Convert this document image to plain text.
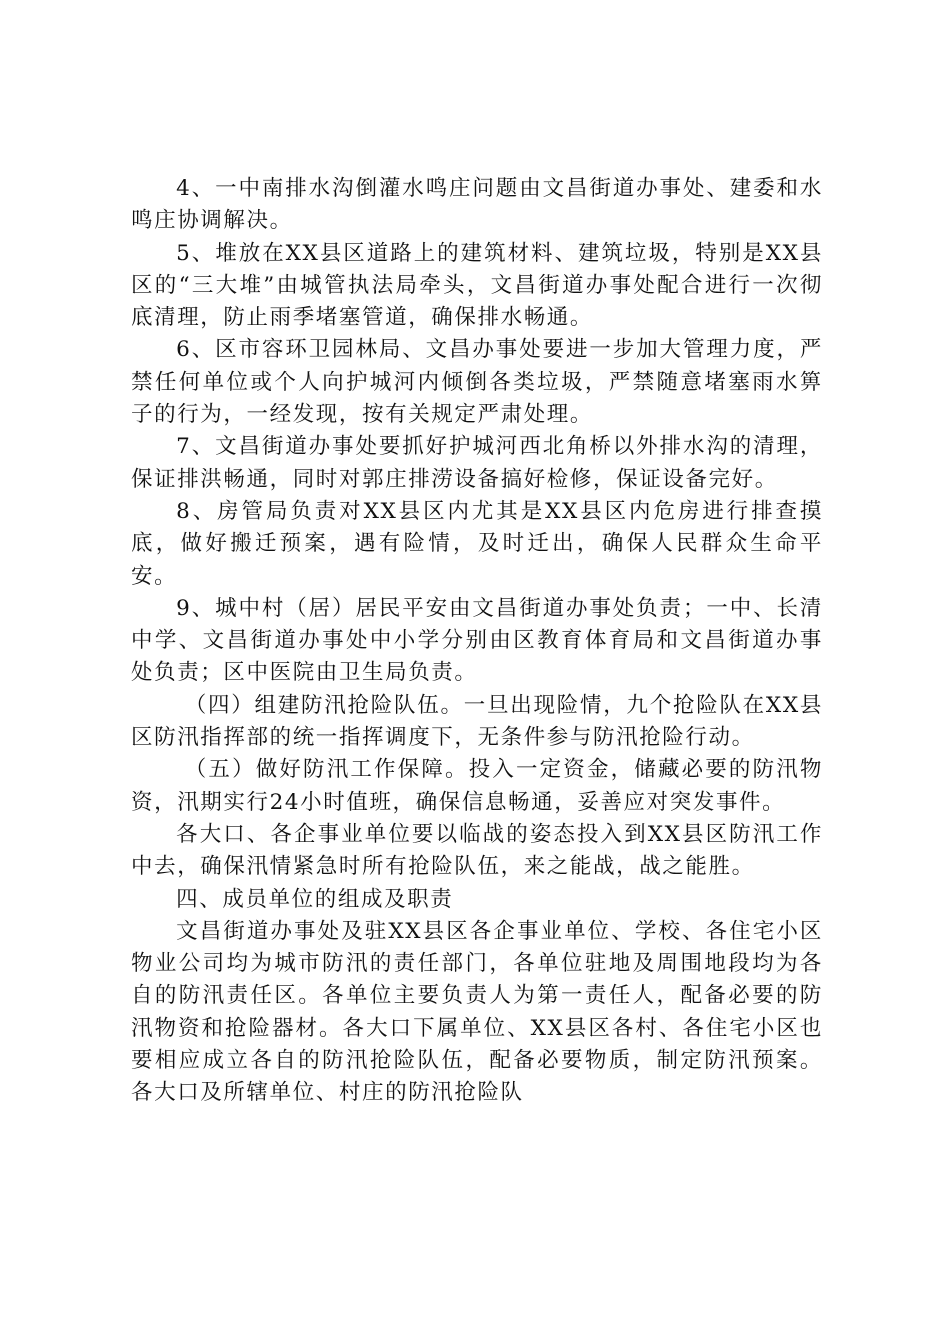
4、一中南排水沟倒灌水鸣庄问题由文昌街道办事处、建委和水鸣庄协调解决。

5、堆放在XX县区道路上的建筑材料、建筑垃圾，特别是XX县区的“三大堆”由城管执法局牵头，文昌街道办事处配合进行一次彻底清理，防止雨季堵塞管道，确保排水畅通。

6、区市容环卫园林局、文昌办事处要进一步加大管理力度，严禁任何单位或个人向护城河内倾倒各类垃圾，严禁随意堵塞雨水箅子的行为，一经发现，按有关规定严肃处理。

7、文昌街道办事处要抓好护城河西北角桥以外排水沟的清理，保证排洪畅通，同时对郭庄排涝设备搞好检修，保证设备完好。

8、房管局负责对XX县区内尤其是XX县区内危房进行排查摸底，做好搬迁预案，遇有险情，及时迁出，确保人民群众生命平安。

9、城中村（居）居民平安由文昌街道办事处负责；一中、长清中学、文昌街道办事处中小学分别由区教育体育局和文昌街道办事处负责；区中医院由卫生局负责。

（四）组建防汛抢险队伍。一旦出现险情，九个抢险队在XX县区防汛指挥部的统一指挥调度下，无条件参与防汛抢险行动。

（五）做好防汛工作保障。投入一定资金，储藏必要的防汛物资，汛期实行24小时值班，确保信息畅通，妥善应对突发事件。

各大口、各企事业单位要以临战的姿态投入到XX县区防汛工作中去，确保汛情紧急时所有抢险队伍，来之能战，战之能胜。

四、成员单位的组成及职责

文昌街道办事处及驻XX县区各企事业单位、学校、各住宅小区物业公司均为城市防汛的责任部门，各单位驻地及周围地段均为各自的防汛责任区。各单位主要负责人为第一责任人，配备必要的防汛物资和抢险器材。各大口下属单位、XX县区各村、各住宅小区也要相应成立各自的防汛抢险队伍，配备必要物质，制定防汛预案。各大口及所辖单位、村庄的防汛抢险队
